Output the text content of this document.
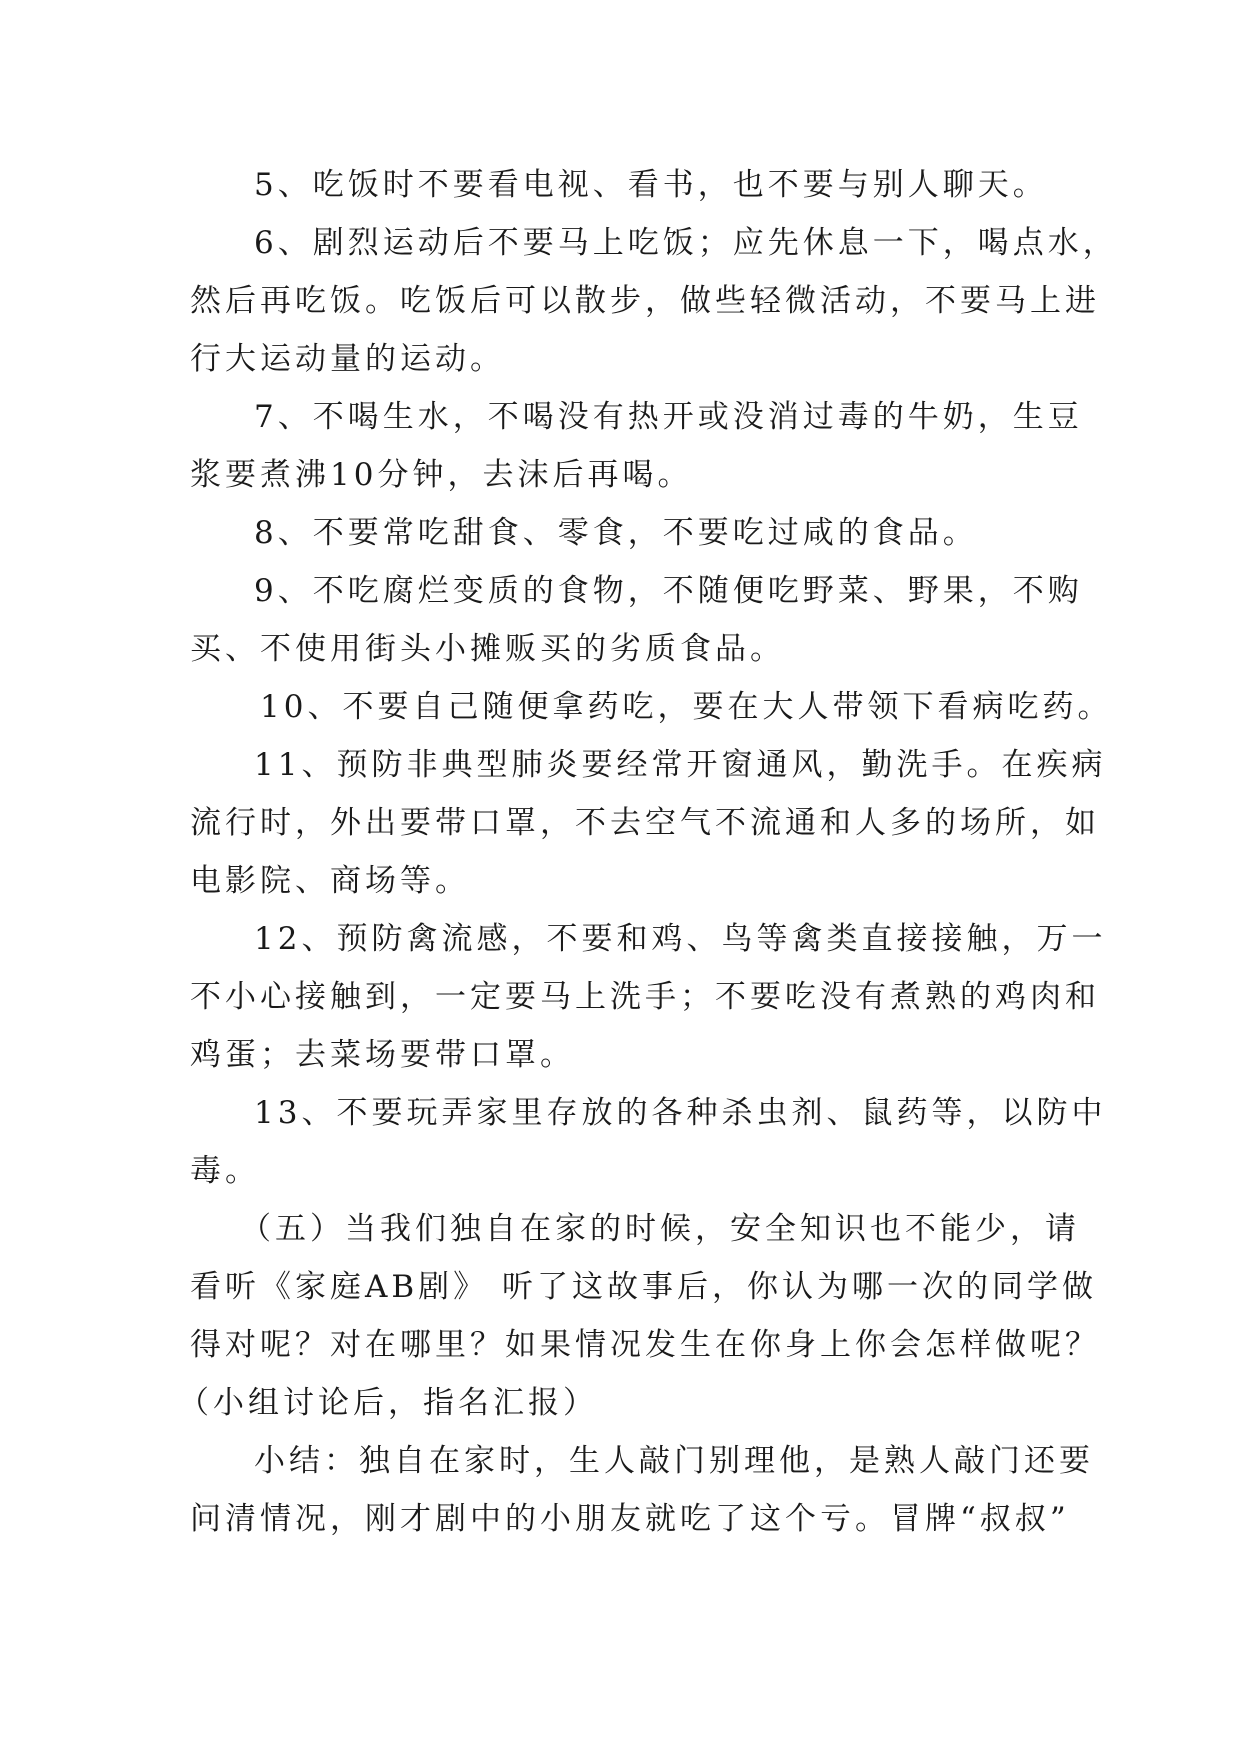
5、吃饭时不要看电视、看书，也不要与别人聊天。

6、剧烈运动后不要马上吃饭；应先休息一下，喝点水，
然后再吃饭。吃饭后可以散步，做些轻微活动，不要马上进
行大运动量的运动。

7、不喝生水，不喝没有热开或没消过毒的牛奶，生豆
浆要煮沸10分钟，去沫后再喝。

8、不要常吃甜食、零食，不要吃过咸的食品。

9、不吃腐烂变质的食物，不随便吃野菜、野果，不购
买、不使用街头小摊贩买的劣质食品。

10、不要自己随便拿药吃，要在大人带领下看病吃药。

11、预防非典型肺炎要经常开窗通风，勤洗手。在疾病
流行时，外出要带口罩，不去空气不流通和人多的场所，如
电影院、商场等。

12、预防禽流感，不要和鸡、鸟等禽类直接接触，万一
不小心接触到，一定要马上洗手；不要吃没有煮熟的鸡肉和
鸡蛋；去菜场要带口罩。

13、不要玩弄家里存放的各种杀虫剂、鼠药等，以防中
毒。

（五）当我们独自在家的时候，安全知识也不能少，请
看听《家庭AB剧》 听了这故事后，你认为哪一次的同学做
得对呢？对在哪里？如果情况发生在你身上你会怎样做呢？
（小组讨论后，指名汇报）

小结：独自在家时，生人敲门别理他，是熟人敲门还要
问清情况，刚才剧中的小朋友就吃了这个亏。冒牌“叔叔”
